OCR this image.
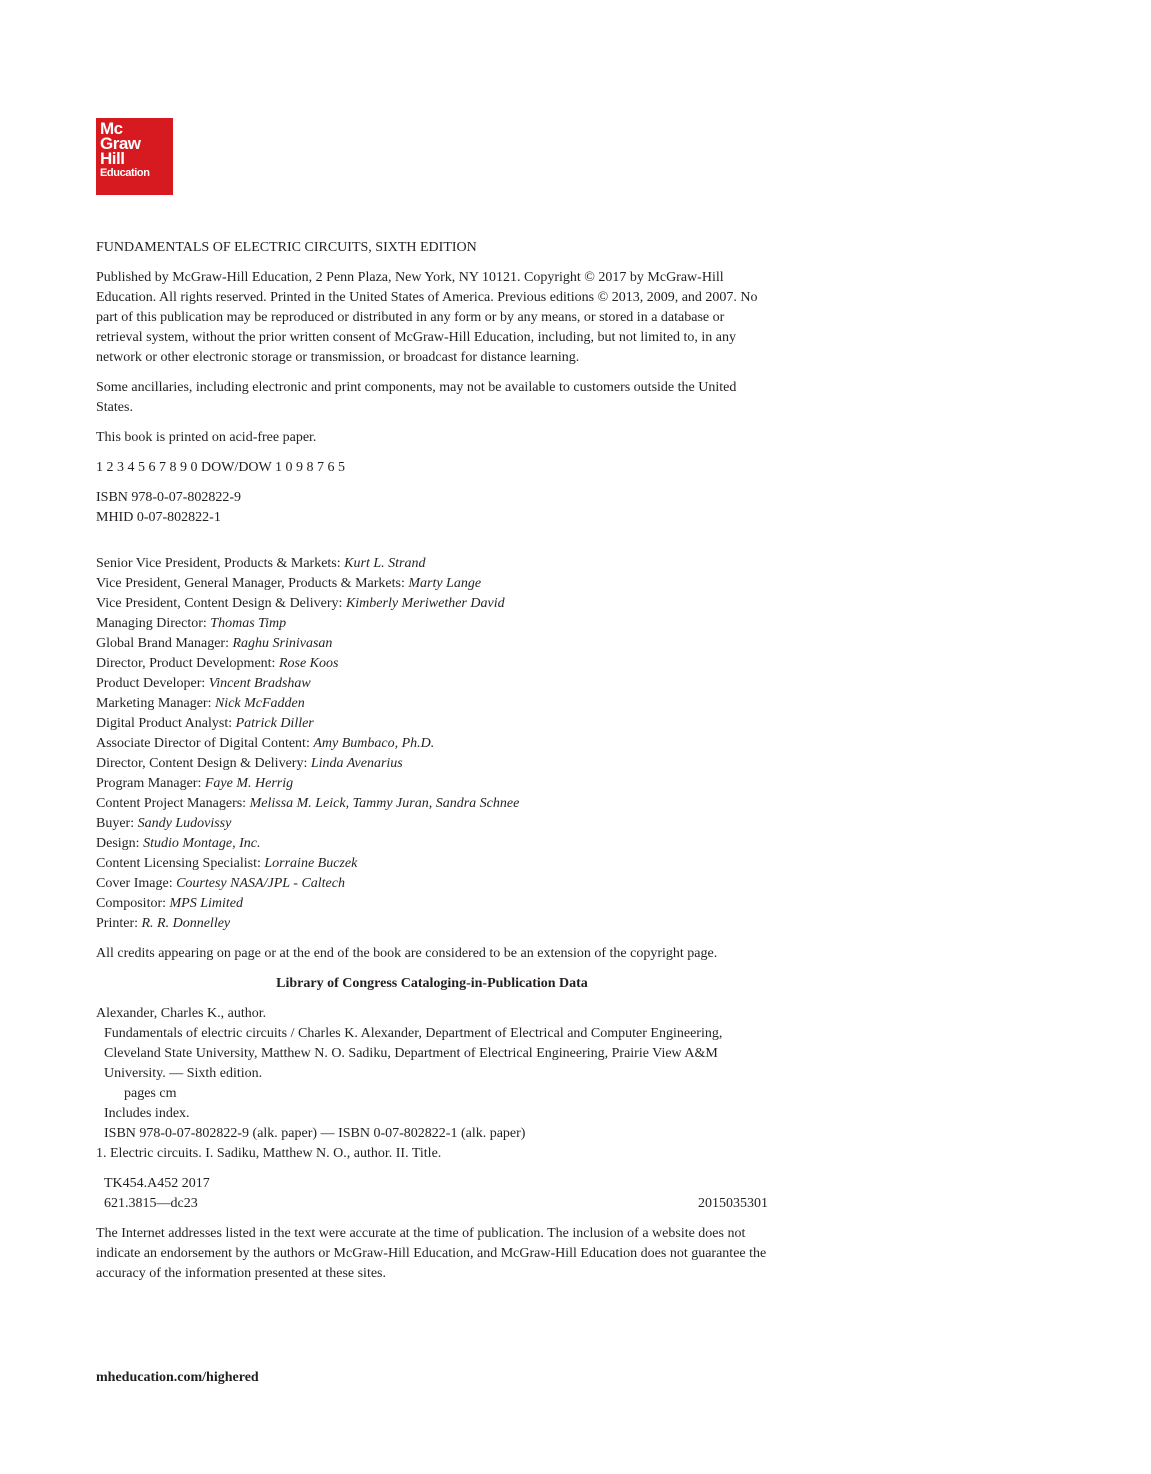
Mc
Graw
Hill
Education

FUNDAMENTALS OF ELECTRIC CIRCUITS, SIXTH EDITION

Published by McGraw-Hill Education, 2 Penn Plaza, New York, NY 10121. Copyright © 2017 by McGraw-Hill Education. All rights reserved. Printed in the United States of America. Previous editions © 2013, 2009, and 2007. No part of this publication may be reproduced or distributed in any form or by any means, or stored in a database or retrieval system, without the prior written consent of McGraw-Hill Education, including, but not limited to, in any network or other electronic storage or transmission, or broadcast for distance learning.

Some ancillaries, including electronic and print components, may not be available to customers outside the United States.

This book is printed on acid-free paper.

1 2 3 4 5 6 7 8 9 0 DOW/DOW 1 0 9 8 7 6 5

ISBN 978-0-07-802822-9
MHID 0-07-802822-1
Senior Vice President, Products & Markets: Kurt L. Strand
Vice President, General Manager, Products & Markets: Marty Lange
Vice President, Content Design & Delivery: Kimberly Meriwether David
Managing Director: Thomas Timp
Global Brand Manager: Raghu Srinivasan
Director, Product Development: Rose Koos
Product Developer: Vincent Bradshaw
Marketing Manager: Nick McFadden
Digital Product Analyst: Patrick Diller
Associate Director of Digital Content: Amy Bumbaco, Ph.D.
Director, Content Design & Delivery: Linda Avenarius
Program Manager: Faye M. Herrig
Content Project Managers: Melissa M. Leick, Tammy Juran, Sandra Schnee
Buyer: Sandy Ludovissy
Design: Studio Montage, Inc.
Content Licensing Specialist: Lorraine Buczek
Cover Image: Courtesy NASA/JPL - Caltech
Compositor: MPS Limited
Printer: R. R. Donnelley

All credits appearing on page or at the end of the book are considered to be an extension of the copyright page.

Library of Congress Cataloging-in-Publication Data

Alexander, Charles K., author.
Fundamentals of electric circuits / Charles K. Alexander, Department of Electrical and Computer Engineering, Cleveland State University, Matthew N. O. Sadiku, Department of Electrical Engineering, Prairie View A&M University. — Sixth edition.
pages cm
Includes index.
ISBN 978-0-07-802822-9 (alk. paper) — ISBN 0-07-802822-1 (alk. paper)
1. Electric circuits. I. Sadiku, Matthew N. O., author. II. Title.
TK454.A452 2017
621.3815—dc23	2015035301

The Internet addresses listed in the text were accurate at the time of publication. The inclusion of a website does not indicate an endorsement by the authors or McGraw-Hill Education, and McGraw-Hill Education does not guarantee the accuracy of the information presented at these sites.

mheducation.com/highered
